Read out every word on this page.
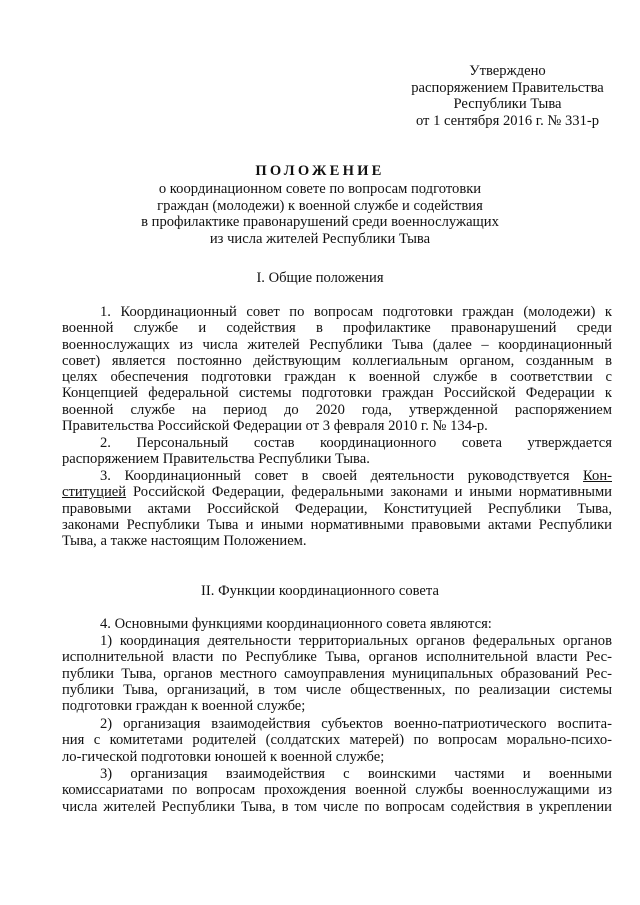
Утверждено
распоряжением Правительства
Республики Тыва
от 1 сентября 2016 г. № 331-р
ПОЛОЖЕНИЕ
о координационном совете по вопросам подготовки
граждан (молодежи) к военной службе и содействия
в профилактике правонарушений среди военнослужащих
из числа жителей Республики Тыва
I. Общие положения
1. Координационный совет по вопросам подготовки граждан (молодежи) к
военной службе и содействия в профилактике правонарушений среди
военнослужащих из числа жителей Республики Тыва (далее – координационный
совет) является постоянно действующим коллегиальным органом, созданным в
целях обеспечения подготовки граждан к военной службе в соответствии с
Концепцией федеральной системы подготовки граждан Российской Федерации к
военной службе на период до 2020 года, утвержденной распоряжением
Правительства Российской Федерации от 3 февраля 2010 г. № 134-р.
2. Персональный состав координационного совета утверждается
распоряжением Правительства Республики Тыва.
3. Координационный совет в своей деятельности руководствуется Кон-
ституцией Российской Федерации, федеральными законами и иными нормативными
правовыми актами Российской Федерации, Конституцией Республики Тыва,
законами Республики Тыва и иными нормативными правовыми актами Республики
Тыва, а также настоящим Положением.
II. Функции координационного совета
4. Основными функциями координационного совета являются:
1) координация деятельности территориальных органов федеральных органов
исполнительной власти по Республике Тыва, органов исполнительной власти Рес-
публики Тыва, органов местного самоуправления муниципальных образований Рес-
публики Тыва, организаций, в том числе общественных, по реализации системы
подготовки граждан к военной службе;
2) организация взаимодействия субъектов военно-патриотического воспита-
ния с комитетами родителей (солдатских матерей) по вопросам морально-психо-
ло-гической подготовки юношей к военной службе;
3) организация взаимодействия с воинскими частями и военными
комиссариатами по вопросам прохождения военной службы военнослужащими из
числа жителей Республики Тыва, в том числе по вопросам содействия в укреплении
